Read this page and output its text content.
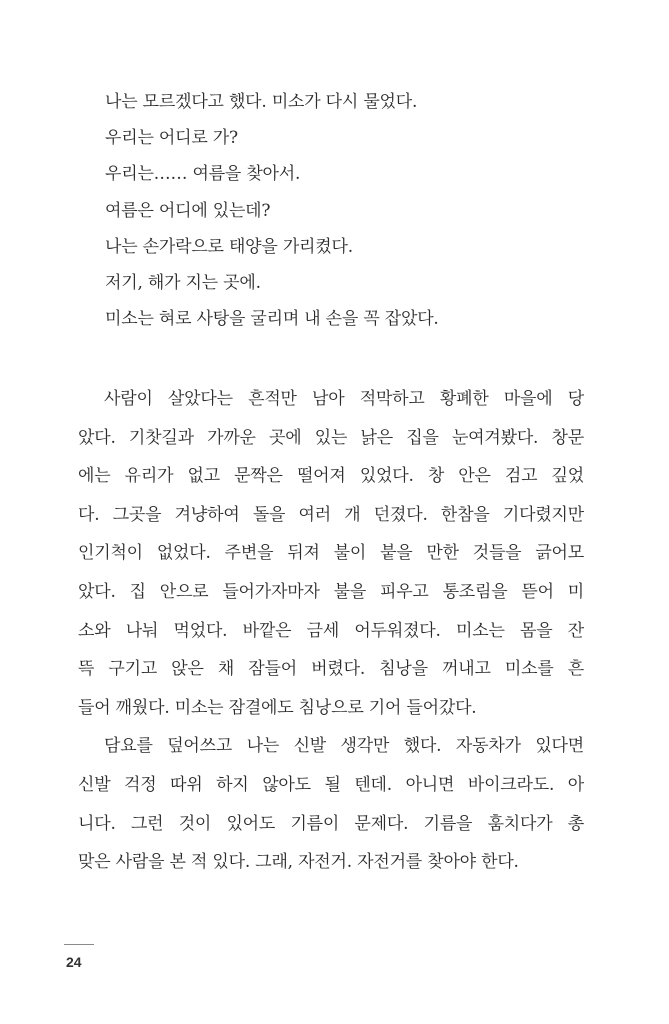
나는 모르겠다고 했다. 미소가 다시 물었다.
우리는 어디로 가?
우리는…… 여름을 찾아서.
여름은 어디에 있는데?
나는 손가락으로 태양을 가리켰다.
저기, 해가 지는 곳에.
미소는 혀로 사탕을 굴리며 내 손을 꼭 잡았다.
사람이 살았다는 흔적만 남아 적막하고 황폐한 마을에 당
았다. 기찻길과 가까운 곳에 있는 낡은 집을 눈여겨봤다. 창문
에는 유리가 없고 문짝은 떨어져 있었다. 창 안은 검고 깊었
다. 그곳을 겨냥하여 돌을 여러 개 던졌다. 한참을 기다렸지만
인기척이 없었다. 주변을 뒤져 불이 붙을 만한 것들을 긁어모
았다. 집 안으로 들어가자마자 불을 피우고 통조림을 뜯어 미
소와 나눠 먹었다. 바깥은 금세 어두워졌다. 미소는 몸을 잔
뜩 구기고 앉은 채 잠들어 버렸다. 침낭을 꺼내고 미소를 흔
들어 깨웠다. 미소는 잠결에도 침낭으로 기어 들어갔다.
담요를 덮어쓰고 나는 신발 생각만 했다. 자동차가 있다면
신발 걱정 따위 하지 않아도 될 텐데. 아니면 바이크라도. 아
니다. 그런 것이 있어도 기름이 문제다. 기름을 훔치다가 총
맞은 사람을 본 적 있다. 그래, 자전거. 자전거를 찾아야 한다.
24
